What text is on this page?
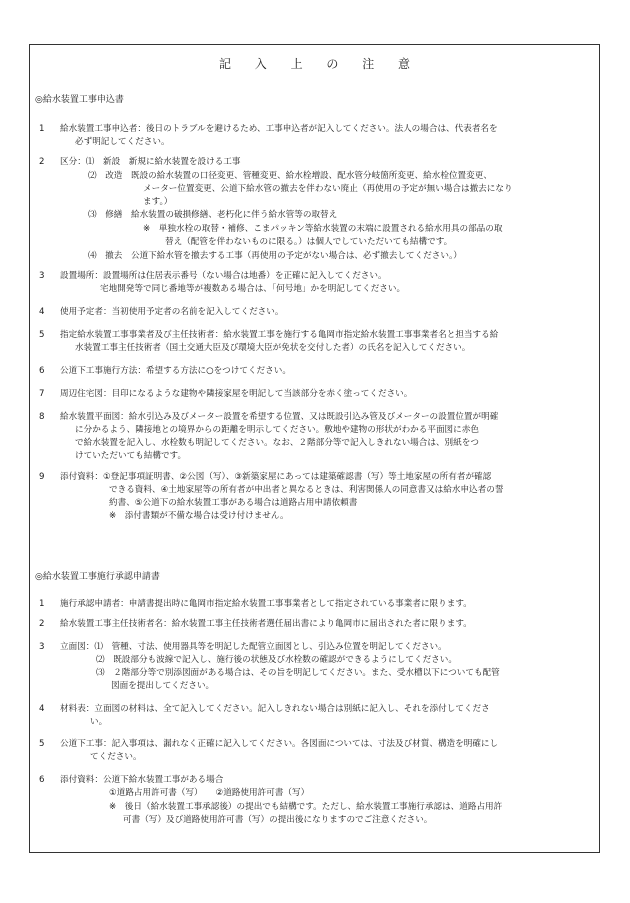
記 入 上 の 注 意
◎給水装置工事申込書
1 給水装置工事申込者：後日のトラブルを避けるため、工事申込者が記入してください。法人の場合は、代表者名を

必ず明記してください。

2 区分：⑴　新設　新規に給水装置を設ける工事

⑵　改造　既設の給水装置の口径変更、管種変更、給水栓増設、配水管分岐箇所変更、給水栓位置変更、

メーター位置変更、公道下給水管の撤去を伴わない廃止（再使用の予定が無い場合は撤去になり

ます。）

⑶　修繕　給水装置の破損修繕、老朽化に伴う給水管等の取替え

※　単独水栓の取替・補修、こまパッキン等給水装置の末端に設置される給水用具の部品の取

替え（配管を伴わないものに限る。）は個人でしていただいても結構です。

⑷　撤去　公道下給水管を撤去する工事（再使用の予定がない場合は、必ず撤去してください。）

3 設置場所：設置場所は住居表示番号（ない場合は地番）を正確に記入してください。

宅地開発等で同じ番地等が複数ある場合は、「何号地」かを明記してください。

4 使用予定者：当初使用予定者の名前を記入してください。

5 指定給水装置工事事業者及び主任技術者：給水装置工事を施行する亀岡市指定給水装置工事事業者名と担当する給

水装置工事主任技術者（国土交通大臣及び環境大臣が免状を交付した者）の氏名を記入してください。

6 公道下工事施行方法：希望する方法に○をつけてください。

7 周辺住宅図：目印になるような建物や隣接家屋を明記して当該部分を赤く塗ってください。

8 給水装置平面図：給水引込み及びメーター設置を希望する位置、又は既設引込み管及びメーターの設置位置が明確

に分かるよう、隣接地との境界からの距離を明示してください。敷地や建物の形状がわかる平面図に赤色

で給水装置を記入し、水栓数も明記してください。なお、２階部分等で記入しきれない場合は、別紙をつ

けていただいても結構です。

9 添付資料：①登記事項証明書、②公図（写）、③新築家屋にあっては建築確認書（写）等土地家屋の所有者が確認

できる資料、④土地家屋等の所有者が申出者と異なるときは、利害関係人の同意書又は給水申込者の誓

約書、⑤公道下の給水装置工事がある場合は道路占用申請依頼書

※　添付書類が不備な場合は受け付けません。

◎給水装置工事施行承認申請書
1 施行承認申請者：申請書提出時に亀岡市指定給水装置工事事業者として指定されている事業者に限ります。

2 給水装置工事主任技術者名：給水装置工事主任技術者選任届出書により亀岡市に届出された者に限ります。

3 立面図：⑴　管種、寸法、使用器具等を明記した配管立面図とし、引込み位置を明記してください。

⑵　既設部分も波線で記入し、施行後の状態及び水栓数の確認ができるようにしてください。

⑶　２階部分等で別添図面がある場合は、その旨を明記してください。また、受水槽以下についても配管

図面を提出してください。

4 材料表：立面図の材料は、全て記入してください。記入しきれない場合は別紙に記入し、それを添付してくださ

い。

5 公道下工事：記入事項は、漏れなく正確に記入してください。各図面については、寸法及び材質、構造を明確にし

てください。

6 添付資料：公道下給水装置工事がある場合

①道路占用許可書（写）　　②道路使用許可書（写）

※　後日（給水装置工事承認後）の提出でも結構です。ただし、給水装置工事施行承認は、道路占用許

可書（写）及び道路使用許可書（写）の提出後になりますのでご注意ください。
